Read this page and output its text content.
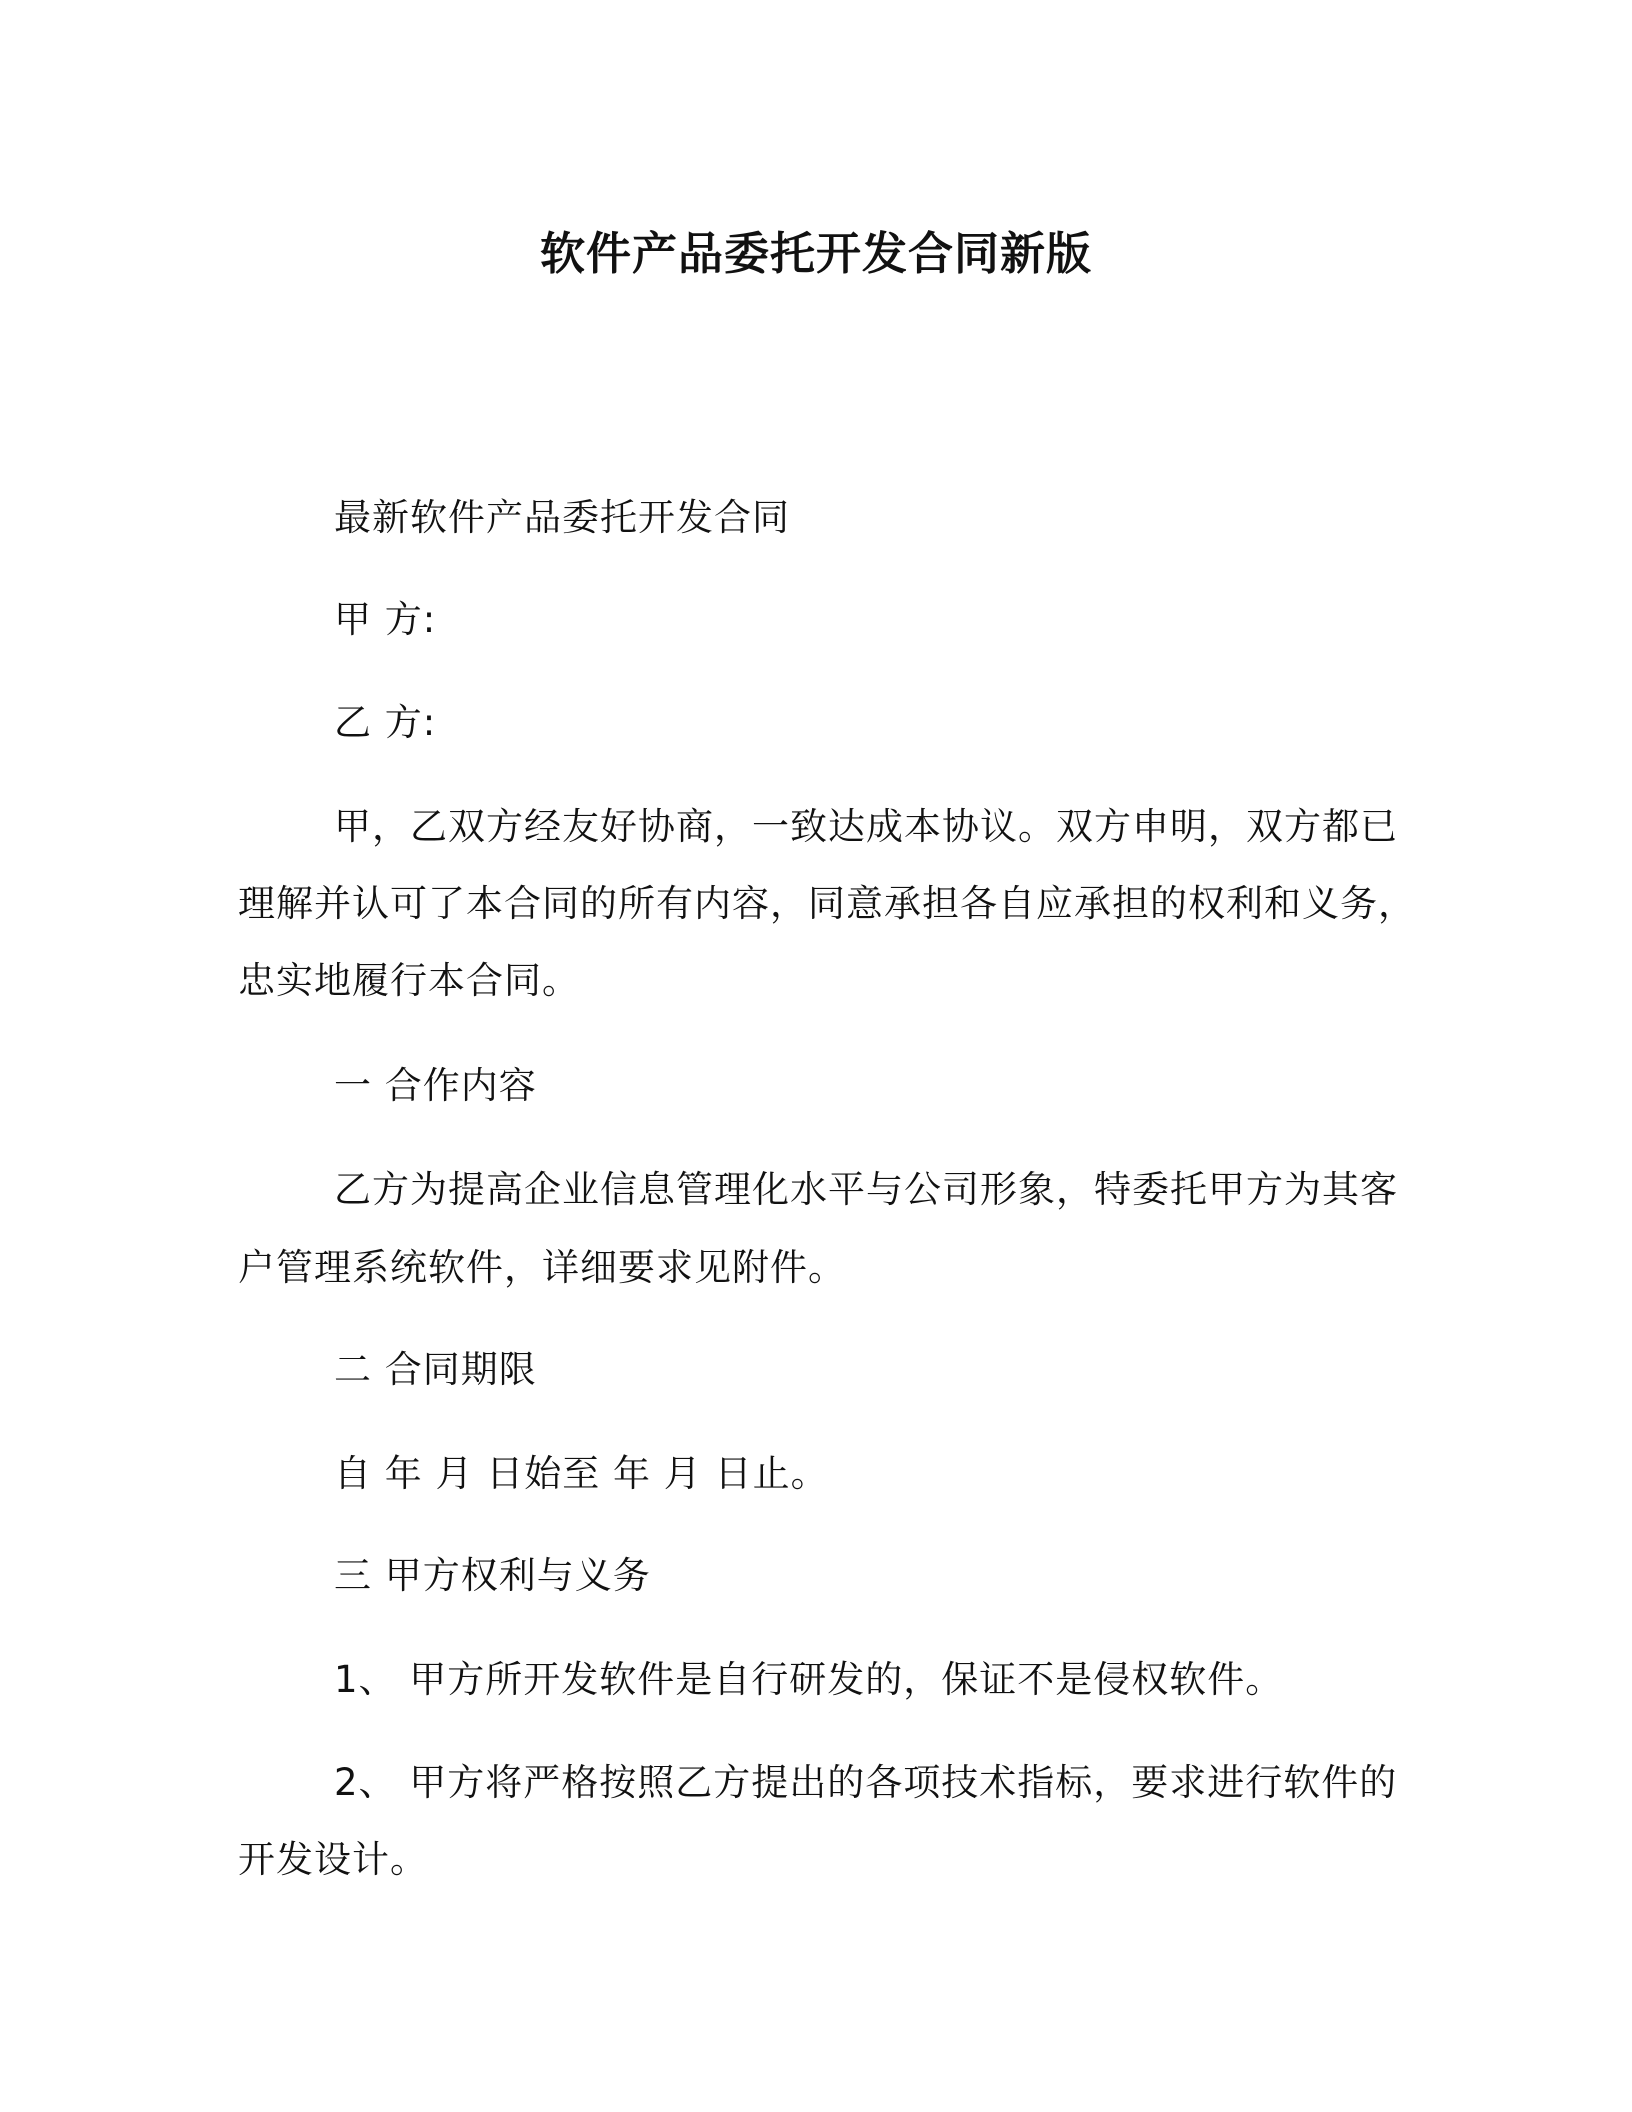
软件产品委托开发合同新版
最新软件产品委托开发合同
甲 方:
乙 方:
甲，乙双方经友好协商，一致达成本协议。双方申明，双方都已
理解并认可了本合同的所有内容，同意承担各自应承担的权利和义务，
忠实地履行本合同。
一 合作内容
乙方为提高企业信息管理化水平与公司形象，特委托甲方为其客
户管理系统软件，详细要求见附件。
二 合同期限
自 年 月 日始至 年 月 日止。
三 甲方权利与义务
1、 甲方所开发软件是自行研发的，保证不是侵权软件。
2、 甲方将严格按照乙方提出的各项技术指标，要求进行软件的
开发设计。
